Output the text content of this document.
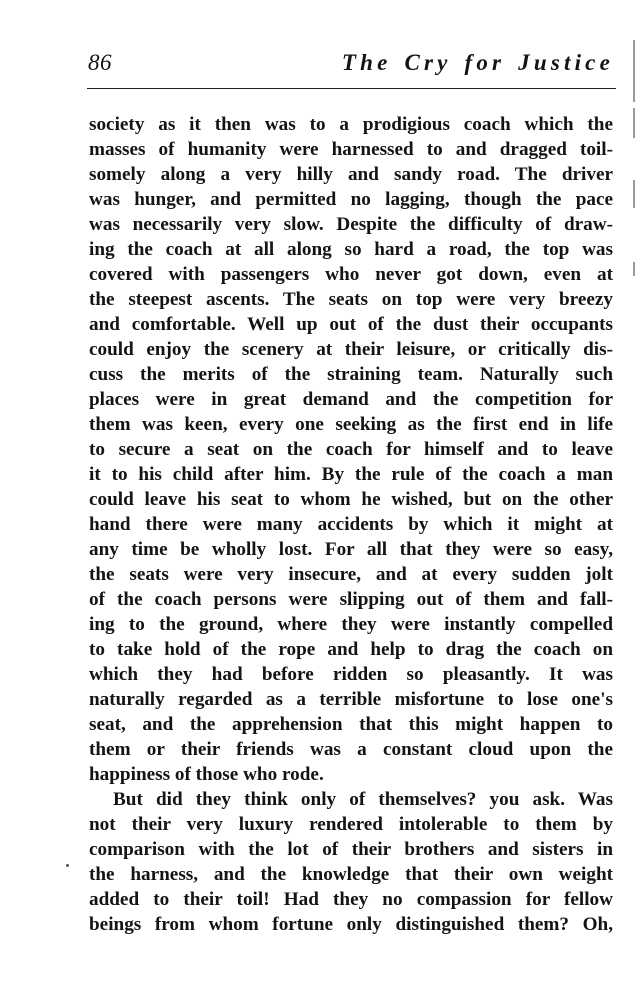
86	The Cry for Justice
society as it then was to a prodigious coach which the
masses of humanity were harnessed to and dragged toil-
somely along a very hilly and sandy road. The driver
was hunger, and permitted no lagging, though the pace
was necessarily very slow. Despite the difficulty of draw-
ing the coach at all along so hard a road, the top was
covered with passengers who never got down, even at
the steepest ascents. The seats on top were very breezy
and comfortable. Well up out of the dust their occupants
could enjoy the scenery at their leisure, or critically dis-
cuss the merits of the straining team. Naturally such
places were in great demand and the competition for
them was keen, every one seeking as the first end in life
to secure a seat on the coach for himself and to leave
it to his child after him. By the rule of the coach a man
could leave his seat to whom he wished, but on the other
hand there were many accidents by which it might at
any time be wholly lost. For all that they were so easy,
the seats were very insecure, and at every sudden jolt
of the coach persons were slipping out of them and fall-
ing to the ground, where they were instantly compelled
to take hold of the rope and help to drag the coach on
which they had before ridden so pleasantly. It was
naturally regarded as a terrible misfortune to lose one's
seat, and the apprehension that this might happen to
them or their friends was a constant cloud upon the
happiness of those who rode.
But did they think only of themselves? you ask. Was
not their very luxury rendered intolerable to them by
comparison with the lot of their brothers and sisters in
the harness, and the knowledge that their own weight
added to their toil! Had they no compassion for fellow
beings from whom fortune only distinguished them? Oh,
